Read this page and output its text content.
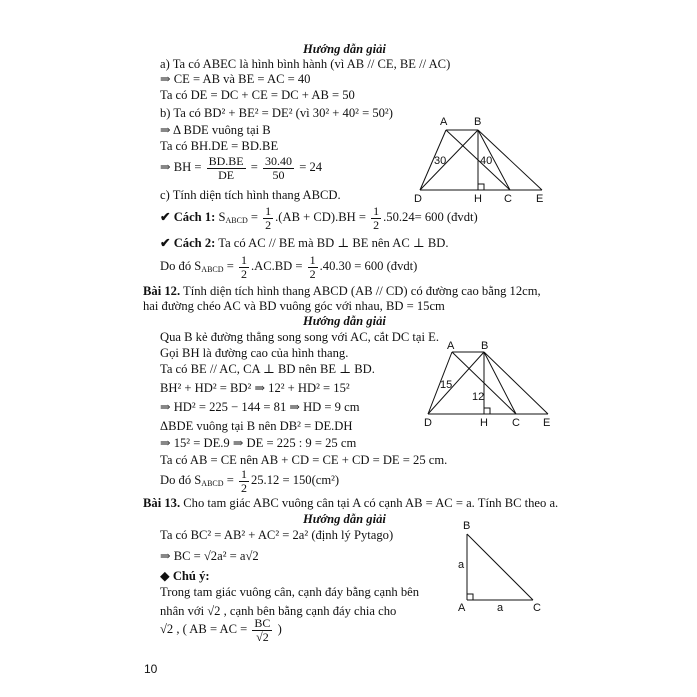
Hướng dẫn giải
a) Ta có ABEC là hình bình hành (vì AB // CE, BE // AC)
⇒ CE = AB và BE = AC = 40
Ta có DE = DC + CE = DC + AB = 50
b) Ta có BD² + BE² = DE² (vì 30² + 40² = 50²)
⇒ Δ BDE vuông tại B
Ta có BH.DE = BD.BE
⇒ BH = $\frac{BD.BE}{DE} = \frac{30.40}{50} = 24$
c) Tính diện tích hình thang ABCD.
✔ Cách 1: $S_{ABCD} = \frac{1}{2} .(AB + CD).BH = \frac{1}{2} .50.24= 600$ (đvdt)
✔ Cách 2: Ta có AC // BE mà BD ⊥ BE nên AC ⊥ BD.
Do đó $S_{ABCD} = \frac{1}{2} .AC.BD = \frac{1}{2} .40.30 = 600$ (đvdt)
Bài 12. Tính diện tích hình thang ABCD (AB // CD) có đường cao bằng 12cm,
hai đường chéo AC và BD vuông góc với nhau, BD = 15cm
Hướng dẫn giải
Qua B kẻ đường thẳng song song với AC, cắt DC tại E.
Gọi BH là đường cao của hình thang.
Ta có BE // AC, CA ⊥ BD nên BE ⊥ BD.
BH² + HD² = BD² ⇒ 12² + HD² = 15²
⇒ HD² = 225 − 144 = 81 ⇒ HD = 9 cm
ΔBDE vuông tại B nên DB² = DE.DH
⇒ 15² = DE.9 ⇒ DE = 225 : 9 = 25 cm
Ta có AB = CE nên AB + CD = CE + CD = DE = 25 cm.
Do đó $S_{ABCD} = \frac{1}{2} 25.12 = 150(cm^2)$
Bài 13. Cho tam giác ABC vuông cân tại A có cạnh AB = AC = a. Tính BC theo a.
Hướng dẫn giải
Ta có BC² = AB² + AC² = 2a² (định lý Pytago)
⇒ BC = √2a² = a√2
◆ Chú ý:
Trong tam giác vuông cân, cạnh đáy bằng cạnh bên
nhân với √2 , cạnh bên bằng cạnh đáy chia cho
√2 , ( AB = AC = $\frac{BC}{√2}$ )
10
A B
D	H C E
30	40
A B
D	H C E
15
12
B
A	C
a
a
